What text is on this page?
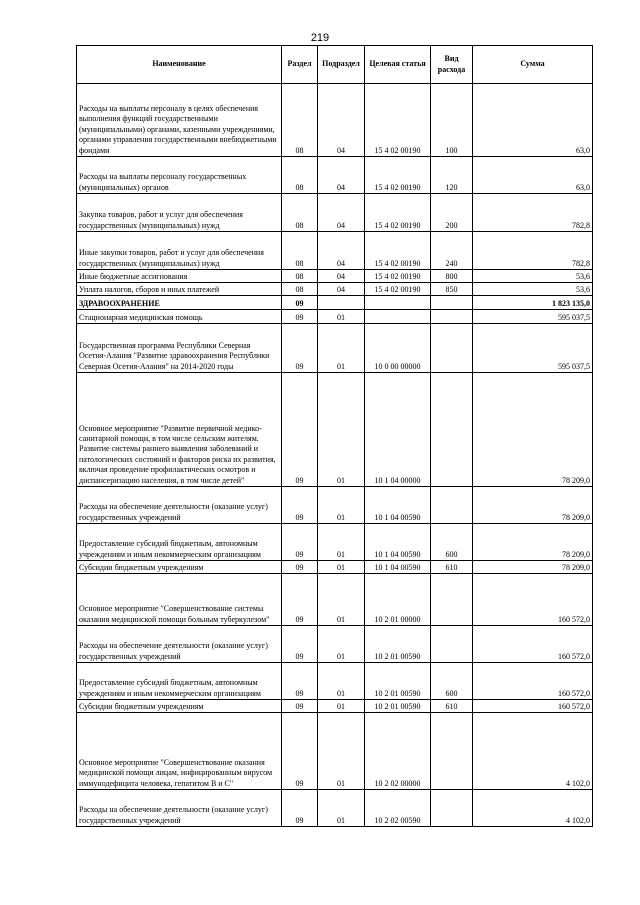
219
Наименование	Раздел	Подраздел	Целевая статья	Вид расхода	Сумма
Расходы на выплаты персоналу в целях обеспечения выполнения функций государственными (муниципальными) органами, казенными учреждениями, органами управления государственными внебюджетными фондами	08	04	15 4 02 00190	100	63,0
Расходы на выплаты персоналу государственных (муниципальных) органов	08	04	15 4 02 00190	120	63,0
Закупка товаров, работ и услуг для обеспечения государственных (муниципальных) нужд	08	04	15 4 02 00190	200	782,8
Иные закупки товаров, работ и услуг для обеспечения государственных (муниципальных) нужд	08	04	15 4 02 00190	240	782,8
Иные бюджетные ассигнования	08	04	15 4 02 00190	800	53,6
Уплата налогов, сборов и иных платежей	08	04	15 4 02 00190	850	53,6
ЗДРАВООХРАНЕНИЕ	09				1 823 135,0
Стационарная медицинская помощь	09	01			595 037,5
Государственная программа Республики Северная Осетия-Алания "Развитие здравоохранения Республики Северная Осетия-Алания" на 2014-2020 годы	09	01	10 0 00 00000		595 037,5
Основное мероприятие "Развитие первичной медико-санитарной помощи, в том числе сельским жителям. Развитие системы раннего выявления заболеваний и патологических состояний и факторов риска их развития, включая проведение профилактических осмотров и диспансеризацию населения, в том числе детей"	09	01	10 1 04 00000		78 209,0
Расходы на обеспечение деятельности (оказание услуг) государственных учреждений	09	01	10 1 04 00590		78 209,0
Предоставление субсидий бюджетным, автономным учреждениям и иным некоммерческим организациям	09	01	10 1 04 00590	600	78 209,0
Субсидии бюджетным учреждениям	09	01	10 1 04 00590	610	78 209,0
Основное мероприятие "Совершенствование системы оказания медицинской помощи больным туберкулезом"	09	01	10 2 01 00000		160 572,0
Расходы на обеспечение деятельности (оказание услуг) государственных учреждений	09	01	10 2 01 00590		160 572,0
Предоставление субсидий бюджетным, автономным учреждениям и иным некоммерческим организациям	09	01	10 2 01 00590	600	160 572,0
Субсидии бюджетным учреждениям	09	01	10 2 01 00590	610	160 572,0
Основное мероприятие "Совершенствование оказания медицинской помощи лицам, инфицированным вирусом иммунодефицита человека, гепатитом B и C"	09	01	10 2 02 00000		4 102,0
Расходы на обеспечение деятельности (оказание услуг) государственных учреждений	09	01	10 2 02 00590		4 102,0
